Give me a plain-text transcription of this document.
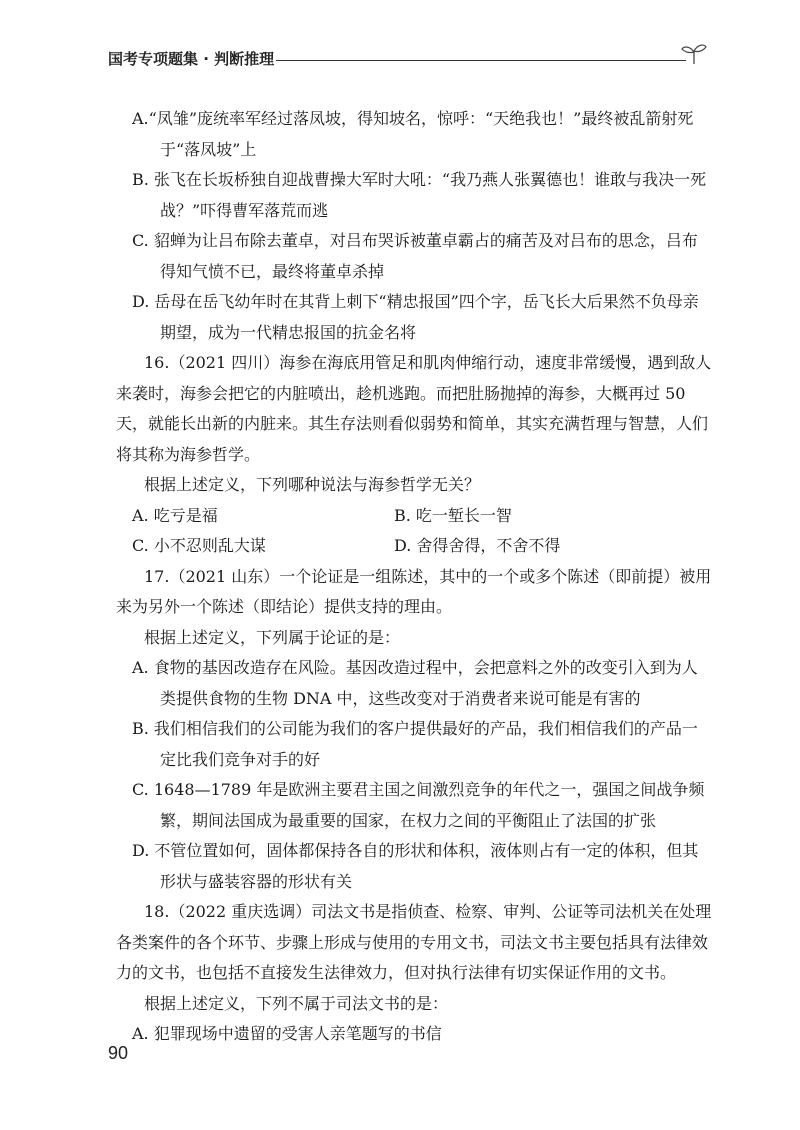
国考专项题集 · 判断推理

A.“凤雏”庞统率军经过落凤坡，得知坡名，惊呼：“天绝我也！”最终被乱箭射死于“落凤坡”上

B. 张飞在长坂桥独自迎战曹操大军时大吼：“我乃燕人张翼德也！谁敢与我决一死战？”吓得曹军落荒而逃

C. 貂蝉为让吕布除去董卓，对吕布哭诉被董卓霸占的痛苦及对吕布的思念，吕布得知气愤不已，最终将董卓杀掉

D. 岳母在岳飞幼年时在其背上刺下“精忠报国”四个字，岳飞长大后果然不负母亲期望，成为一代精忠报国的抗金名将

16.（2021 四川）海参在海底用管足和肌肉伸缩行动，速度非常缓慢，遇到敌人来袭时，海参会把它的内脏喷出，趁机逃跑。而把肚肠抛掉的海参，大概再过 50 天，就能长出新的内脏来。其生存法则看似弱势和简单，其实充满哲理与智慧，人们将其称为海参哲学。

根据上述定义，下列哪种说法与海参哲学无关？

A. 吃亏是福	B. 吃一堑长一智
C. 小不忍则乱大谋	D. 舍得舍得，不舍不得

17.（2021 山东）一个论证是一组陈述，其中的一个或多个陈述（即前提）被用来为另外一个陈述（即结论）提供支持的理由。

根据上述定义，下列属于论证的是：

A. 食物的基因改造存在风险。基因改造过程中，会把意料之外的改变引入到为人类提供食物的生物 DNA 中，这些改变对于消费者来说可能是有害的

B. 我们相信我们的公司能为我们的客户提供最好的产品，我们相信我们的产品一定比我们竞争对手的好

C. 1648—1789 年是欧洲主要君主国之间激烈竞争的年代之一，强国之间战争频繁，期间法国成为最重要的国家，在权力之间的平衡阻止了法国的扩张

D. 不管位置如何，固体都保持各自的形状和体积，液体则占有一定的体积，但其形状与盛装容器的形状有关

18.（2022 重庆选调）司法文书是指侦查、检察、审判、公证等司法机关在处理各类案件的各个环节、步骤上形成与使用的专用文书，司法文书主要包括具有法律效力的文书，也包括不直接发生法律效力，但对执行法律有切实保证作用的文书。

根据上述定义，下列不属于司法文书的是：

A. 犯罪现场中遗留的受害人亲笔题写的书信

90
